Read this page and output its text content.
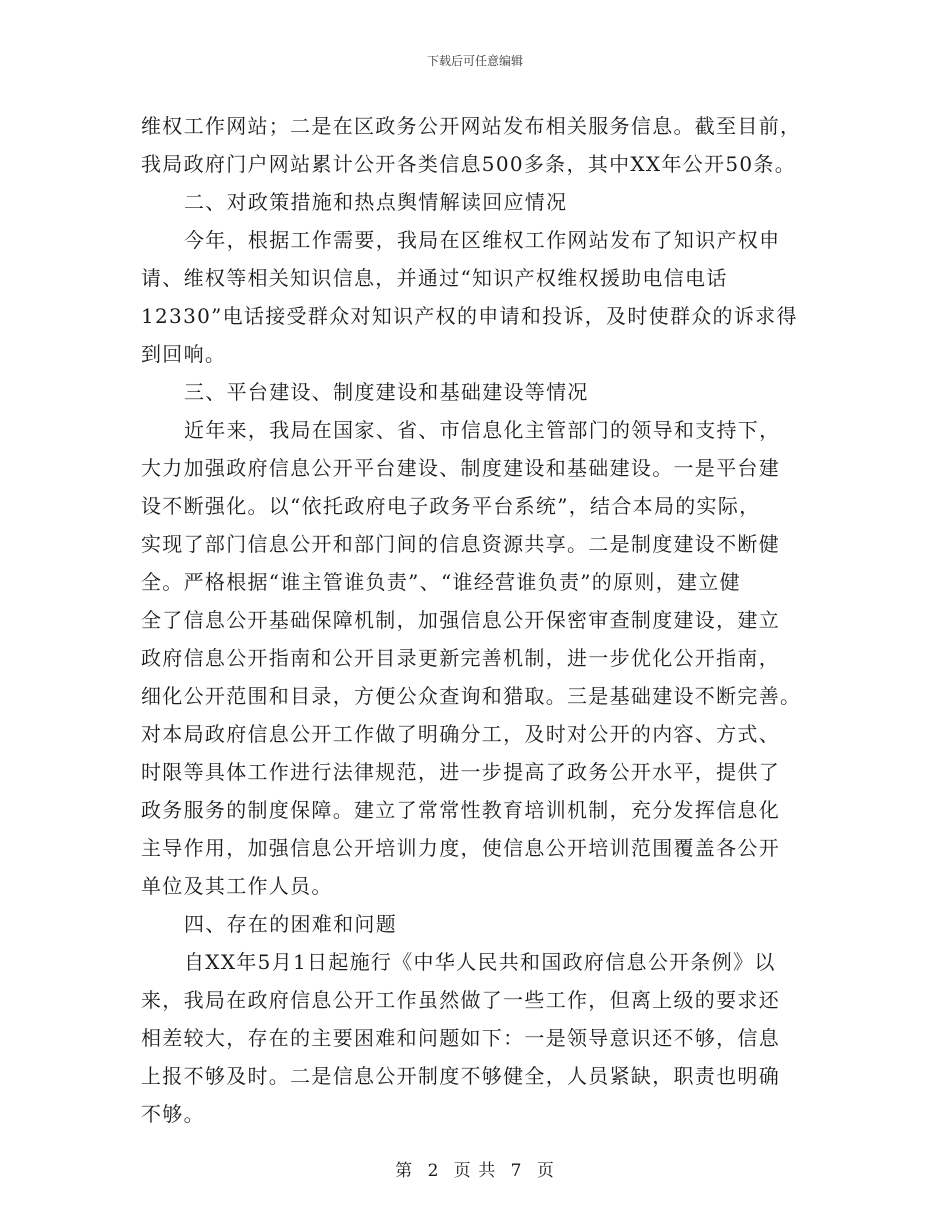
下载后可任意编辑
维权工作网站；二是在区政务公开网站发布相关服务信息。截至目前，
我局政府门户网站累计公开各类信息500多条，其中XX年公开50条。
二、对政策措施和热点舆情解读回应情况
今年，根据工作需要，我局在区维权工作网站发布了知识产权申
请、维权等相关知识信息，并通过“知识产权维权援助电信电话
12330”电话接受群众对知识产权的申请和投诉，及时使群众的诉求得
到回响。
三、平台建设、制度建设和基础建设等情况
近年来，我局在国家、省、市信息化主管部门的领导和支持下，
大力加强政府信息公开平台建设、制度建设和基础建设。一是平台建
设不断强化。以“依托政府电子政务平台系统”，结合本局的实际，
实现了部门信息公开和部门间的信息资源共享。二是制度建设不断健
全。严格根据“谁主管谁负责”、“谁经营谁负责”的原则，建立健
全了信息公开基础保障机制，加强信息公开保密审查制度建设，建立
政府信息公开指南和公开目录更新完善机制，进一步优化公开指南，
细化公开范围和目录，方便公众查询和猎取。三是基础建设不断完善。
对本局政府信息公开工作做了明确分工，及时对公开的内容、方式、
时限等具体工作进行法律规范，进一步提高了政务公开水平，提供了
政务服务的制度保障。建立了常常性教育培训机制，充分发挥信息化
主导作用，加强信息公开培训力度，使信息公开培训范围覆盖各公开
单位及其工作人员。
四、存在的困难和问题
自XX年5月1日起施行《中华人民共和国政府信息公开条例》以
来，我局在政府信息公开工作虽然做了一些工作，但离上级的要求还
相差较大，存在的主要困难和问题如下：一是领导意识还不够，信息
上报不够及时。二是信息公开制度不够健全，人员紧缺，职责也明确
不够。
第 2 页 共 7 页
